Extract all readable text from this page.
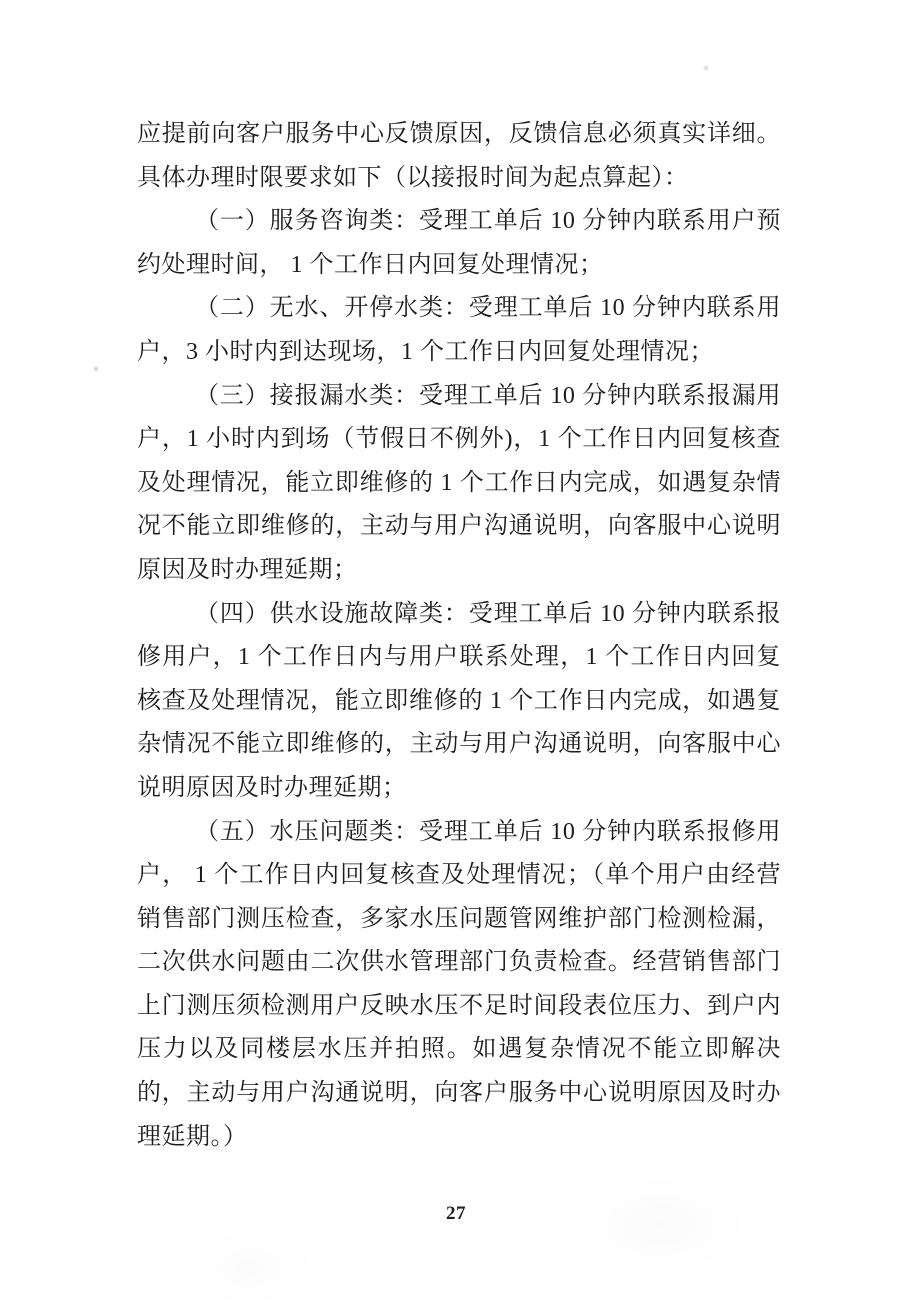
应提前向客户服务中心反馈原因，反馈信息必须真实详细。
具体办理时限要求如下（以接报时间为起点算起）：
（一）服务咨询类：受理工单后 10 分钟内联系用户预
约处理时间， 1 个工作日内回复处理情况；
（二）无水、开停水类：受理工单后 10 分钟内联系用
户，3 小时内到达现场，1 个工作日内回复处理情况；
（三）接报漏水类：受理工单后 10 分钟内联系报漏用
户，1 小时内到场（节假日不例外)，1 个工作日内回复核查
及处理情况，能立即维修的 1 个工作日内完成，如遇复杂情
况不能立即维修的，主动与用户沟通说明，向客服中心说明
原因及时办理延期；
（四）供水设施故障类：受理工单后 10 分钟内联系报
修用户，1 个工作日内与用户联系处理，1 个工作日内回复
核查及处理情况，能立即维修的 1 个工作日内完成，如遇复
杂情况不能立即维修的，主动与用户沟通说明，向客服中心
说明原因及时办理延期；
（五）水压问题类：受理工单后 10 分钟内联系报修用
户， 1 个工作日内回复核查及处理情况；（单个用户由经营
销售部门测压检查，多家水压问题管网维护部门检测检漏，
二次供水问题由二次供水管理部门负责检查。经营销售部门
上门测压须检测用户反映水压不足时间段表位压力、到户内
压力以及同楼层水压并拍照。如遇复杂情况不能立即解决
的，主动与用户沟通说明，向客户服务中心说明原因及时办
理延期。）
27
